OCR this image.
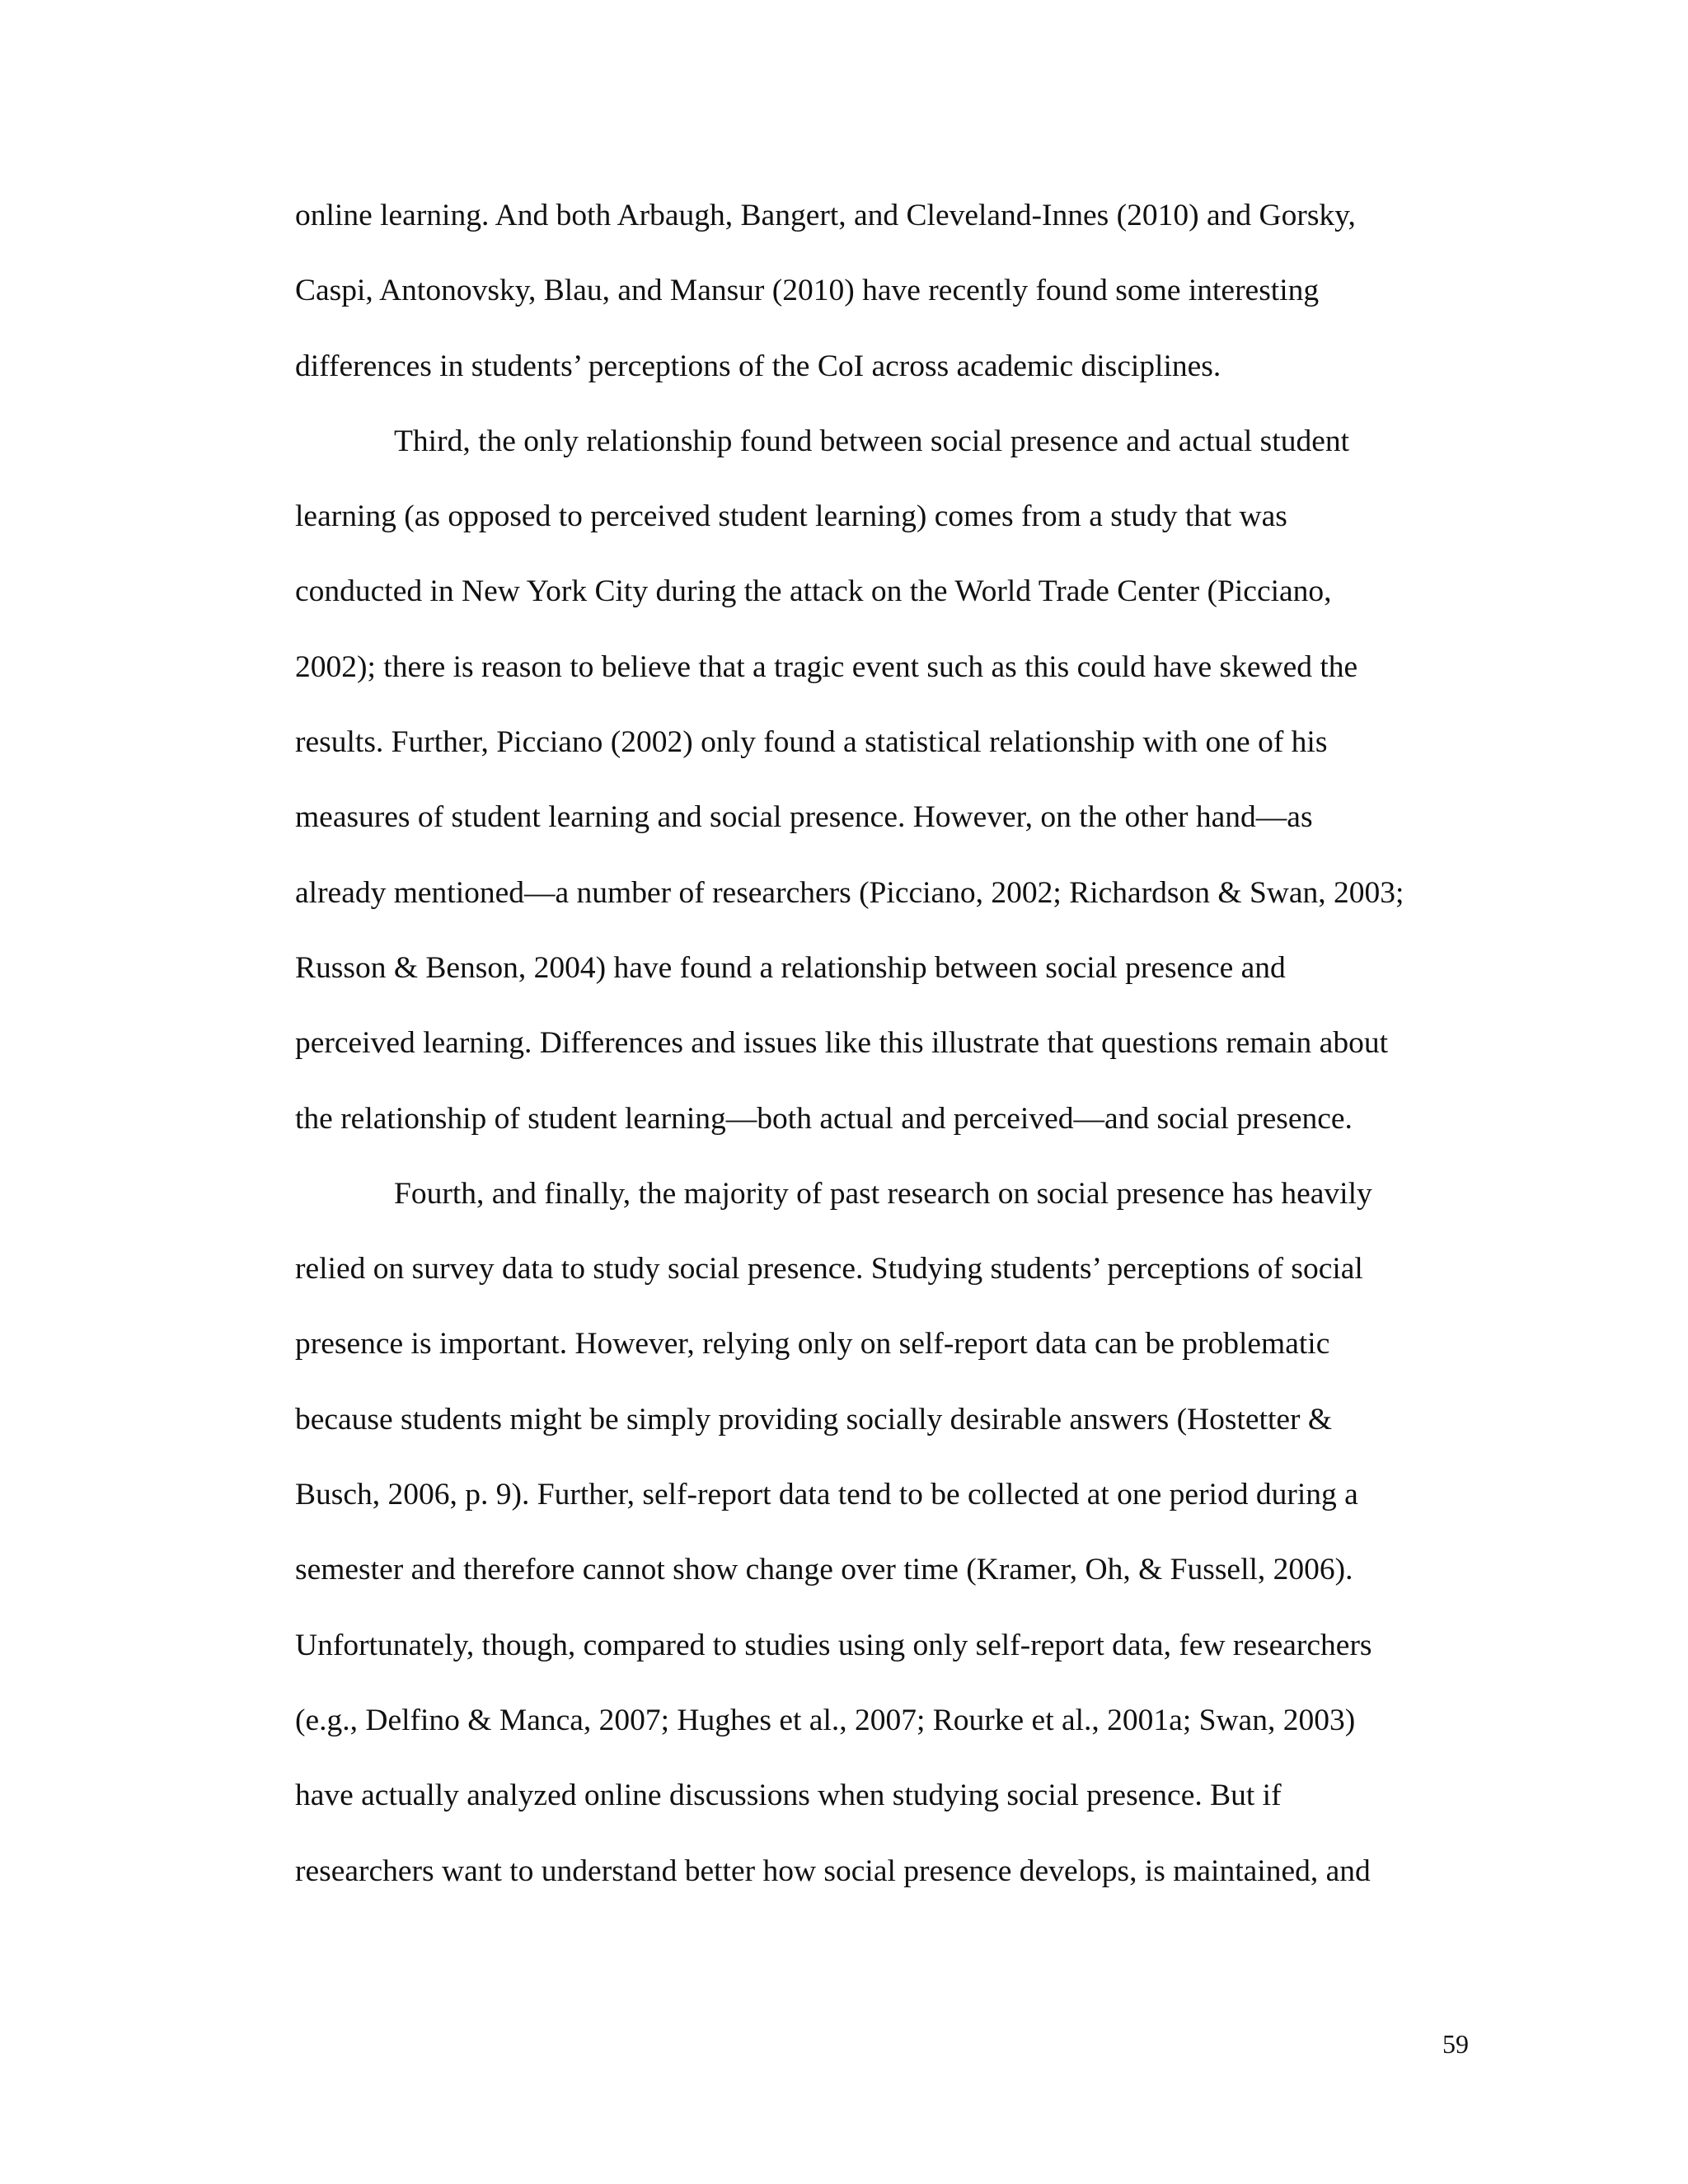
online learning. And both Arbaugh, Bangert, and Cleveland-Innes (2010) and Gorsky,
Caspi, Antonovsky, Blau, and Mansur (2010) have recently found some interesting
differences in students’ perceptions of the CoI across academic disciplines.
Third, the only relationship found between social presence and actual student
learning (as opposed to perceived student learning) comes from a study that was
conducted in New York City during the attack on the World Trade Center (Picciano,
2002); there is reason to believe that a tragic event such as this could have skewed the
results. Further, Picciano (2002) only found a statistical relationship with one of his
measures of student learning and social presence. However, on the other hand—as
already mentioned—a number of researchers (Picciano, 2002; Richardson & Swan, 2003;
Russon & Benson, 2004) have found a relationship between social presence and
perceived learning. Differences and issues like this illustrate that questions remain about
the relationship of student learning—both actual and perceived—and social presence.
Fourth, and finally, the majority of past research on social presence has heavily
relied on survey data to study social presence. Studying students’ perceptions of social
presence is important. However, relying only on self-report data can be problematic
because students might be simply providing socially desirable answers (Hostetter &
Busch, 2006, p. 9). Further, self-report data tend to be collected at one period during a
semester and therefore cannot show change over time (Kramer, Oh, & Fussell, 2006).
Unfortunately, though, compared to studies using only self-report data, few researchers
(e.g., Delfino & Manca, 2007; Hughes et al., 2007; Rourke et al., 2001a; Swan, 2003)
have actually analyzed online discussions when studying social presence. But if
researchers want to understand better how social presence develops, is maintained, and
59
